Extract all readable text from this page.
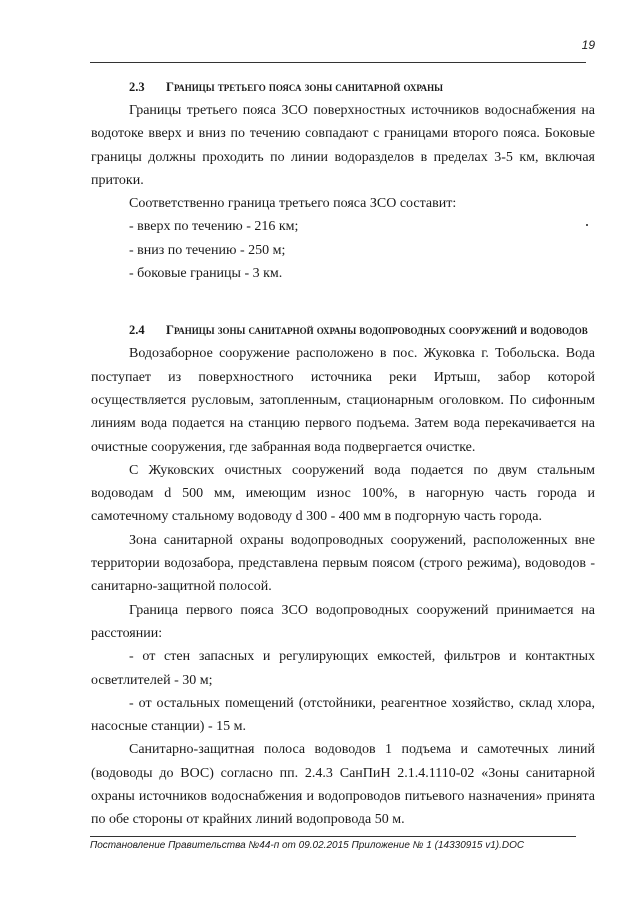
19

2.3 Границы третьего пояса зоны санитарной охраны

Границы третьего пояса ЗСО поверхностных источников водоснабжения на водотоке вверх и вниз по течению совпадают с границами второго пояса. Боковые границы должны проходить по линии водоразделов в пределах 3-5 км, включая притоки.

Соответственно граница третьего пояса ЗСО составит:

- вверх по течению - 216 км;

- вниз по течению - 250 м;

- боковые границы - 3 км.

2.4 Границы зоны санитарной охраны водопроводных сооружений и водоводов

Водозаборное сооружение расположено в пос. Жуковка г. Тобольска. Вода поступает из поверхностного источника реки Иртыш, забор которой осуществляется русловым, затопленным, стационарным оголовком. По сифонным линиям вода подается на станцию первого подъема. Затем вода перекачивается на очистные сооружения, где забранная вода подвергается очистке.

С Жуковских очистных сооружений вода подается по двум стальным водоводам d 500 мм, имеющим износ 100%, в нагорную часть города и самотечному стальному водоводу d 300 - 400 мм в подгорную часть города.

Зона санитарной охраны водопроводных сооружений, расположенных вне территории водозабора, представлена первым поясом (строго режима), водоводов - санитарно-защитной полосой.

Граница первого пояса ЗСО водопроводных сооружений принимается на расстоянии:

- от стен запасных и регулирующих емкостей, фильтров и контактных осветлителей - 30 м;

- от остальных помещений (отстойники, реагентное хозяйство, склад хлора, насосные станции) - 15 м.

Санитарно-защитная полоса водоводов 1 подъема и самотечных линий (водоводы до ВОС) согласно пп. 2.4.3 СанПиН 2.1.4.1110-02 «Зоны санитарной охраны источников водоснабжения и водопроводов питьевого назначения» принята по обе стороны от крайних линий водопровода 50 м.

Постановление Правительства №44-п от 09.02.2015 Приложение № 1 (14330915 v1).DOC
